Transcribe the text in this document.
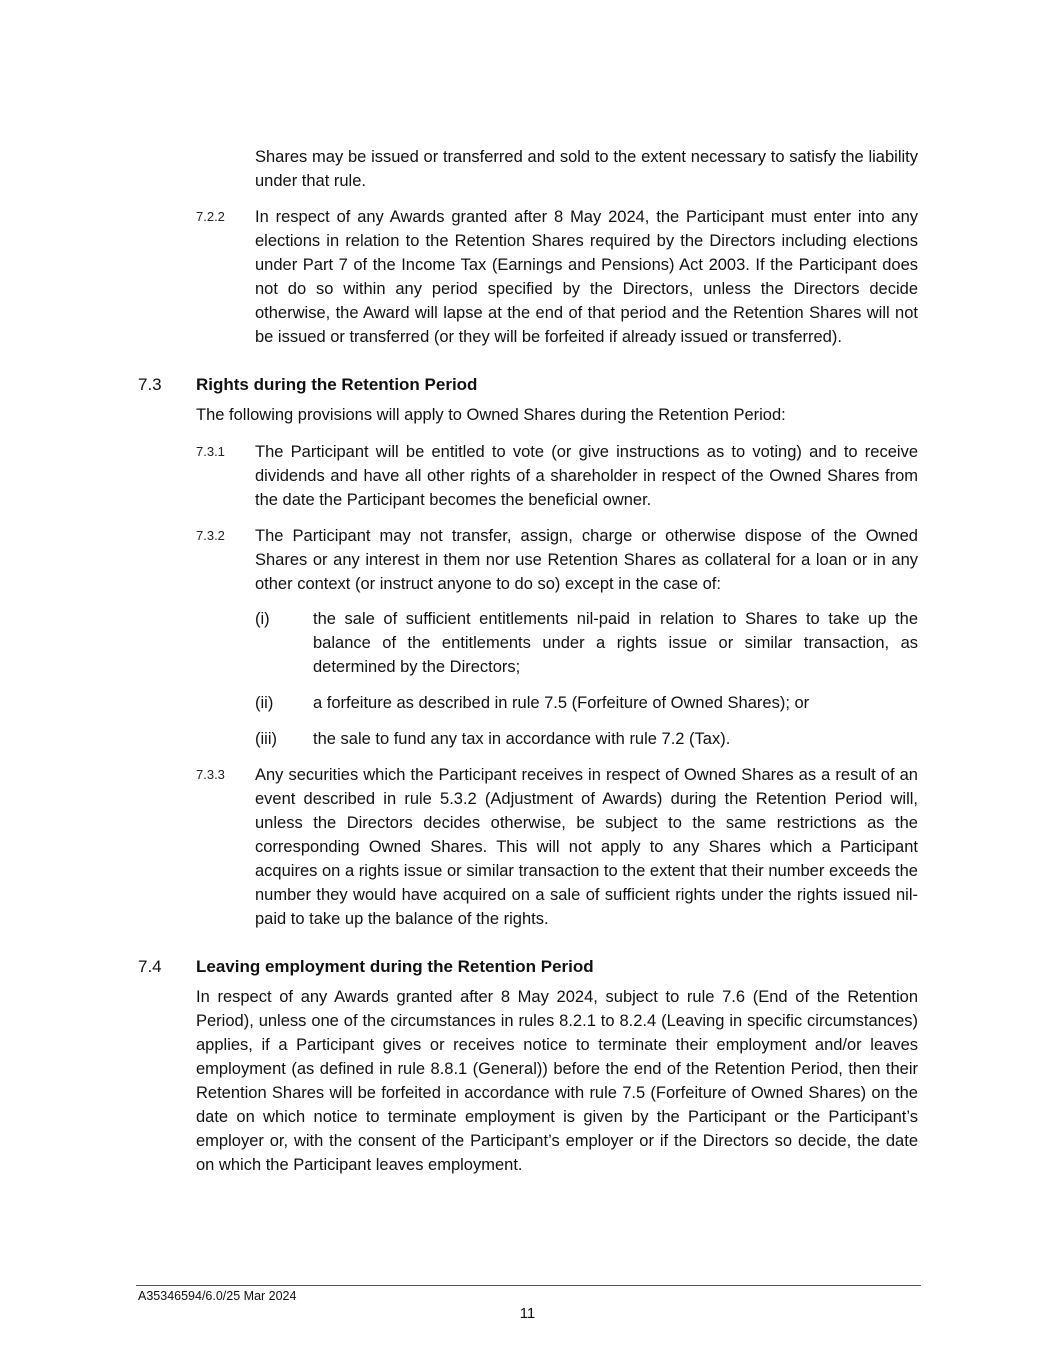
Shares may be issued or transferred and sold to the extent necessary to satisfy the liability under that rule.

7.2.2 In respect of any Awards granted after 8 May 2024, the Participant must enter into any elections in relation to the Retention Shares required by the Directors including elections under Part 7 of the Income Tax (Earnings and Pensions) Act 2003. If the Participant does not do so within any period specified by the Directors, unless the Directors decide otherwise, the Award will lapse at the end of that period and the Retention Shares will not be issued or transferred (or they will be forfeited if already issued or transferred).

7.3 Rights during the Retention Period

The following provisions will apply to Owned Shares during the Retention Period:

7.3.1 The Participant will be entitled to vote (or give instructions as to voting) and to receive dividends and have all other rights of a shareholder in respect of the Owned Shares from the date the Participant becomes the beneficial owner.

7.3.2 The Participant may not transfer, assign, charge or otherwise dispose of the Owned Shares or any interest in them nor use Retention Shares as collateral for a loan or in any other context (or instruct anyone to do so) except in the case of:

(i)	the sale of sufficient entitlements nil-paid in relation to Shares to take up the balance of the entitlements under a rights issue or similar transaction, as determined by the Directors;

(ii) a forfeiture as described in rule 7.5 (Forfeiture of Owned Shares); or

(iii) the sale to fund any tax in accordance with rule 7.2 (Tax).

7.3.3 Any securities which the Participant receives in respect of Owned Shares as a result of an event described in rule 5.3.2 (Adjustment of Awards) during the Retention Period will, unless the Directors decides otherwise, be subject to the same restrictions as the corresponding Owned Shares. This will not apply to any Shares which a Participant acquires on a rights issue or similar transaction to the extent that their number exceeds the number they would have acquired on a sale of sufficient rights under the rights issued nil-paid to take up the balance of the rights.

7.4 Leaving employment during the Retention Period

In respect of any Awards granted after 8 May 2024, subject to rule 7.6 (End of the Retention Period), unless one of the circumstances in rules 8.2.1 to 8.2.4 (Leaving in specific circumstances) applies, if a Participant gives or receives notice to terminate their employment and/or leaves employment (as defined in rule 8.8.1 (General)) before the end of the Retention Period, then their Retention Shares will be forfeited in accordance with rule 7.5 (Forfeiture of Owned Shares) on the date on which notice to terminate employment is given by the Participant or the Participant’s employer or, with the consent of the Participant’s employer or if the Directors so decide, the date on which the Participant leaves employment.

A35346594/6.0/25 Mar 2024
11
